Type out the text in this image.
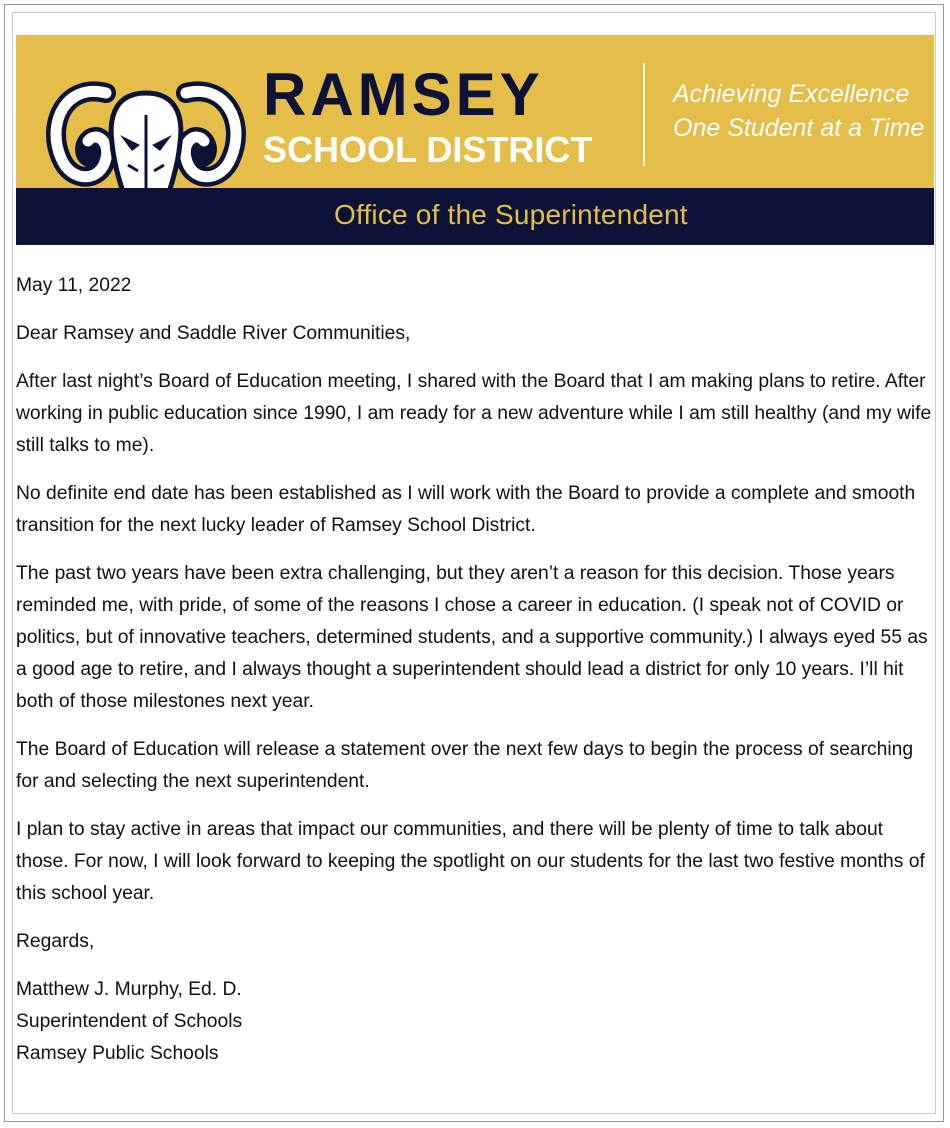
RAMSEY
SCHOOL DISTRICT
Achieving Excellence
One Student at a Time
Office of the Superintendent

May 11, 2022

Dear Ramsey and Saddle River Communities,

After last night’s Board of Education meeting, I shared with the Board that I am making plans to retire. After working in public education since 1990, I am ready for a new adventure while I am still healthy (and my wife still talks to me).

No definite end date has been established as I will work with the Board to provide a complete and smooth transition for the next lucky leader of Ramsey School District.

The past two years have been extra challenging, but they aren’t a reason for this decision. Those years reminded me, with pride, of some of the reasons I chose a career in education. (I speak not of COVID or politics, but of innovative teachers, determined students, and a supportive community.) I always eyed 55 as a good age to retire, and I always thought a superintendent should lead a district for only 10 years. I’ll hit both of those milestones next year.

The Board of Education will release a statement over the next few days to begin the process of searching for and selecting the next superintendent.

I plan to stay active in areas that impact our communities, and there will be plenty of time to talk about those. For now, I will look forward to keeping the spotlight on our students for the last two festive months of this school year.

Regards,

Matthew J. Murphy, Ed. D.
Superintendent of Schools
Ramsey Public Schools
